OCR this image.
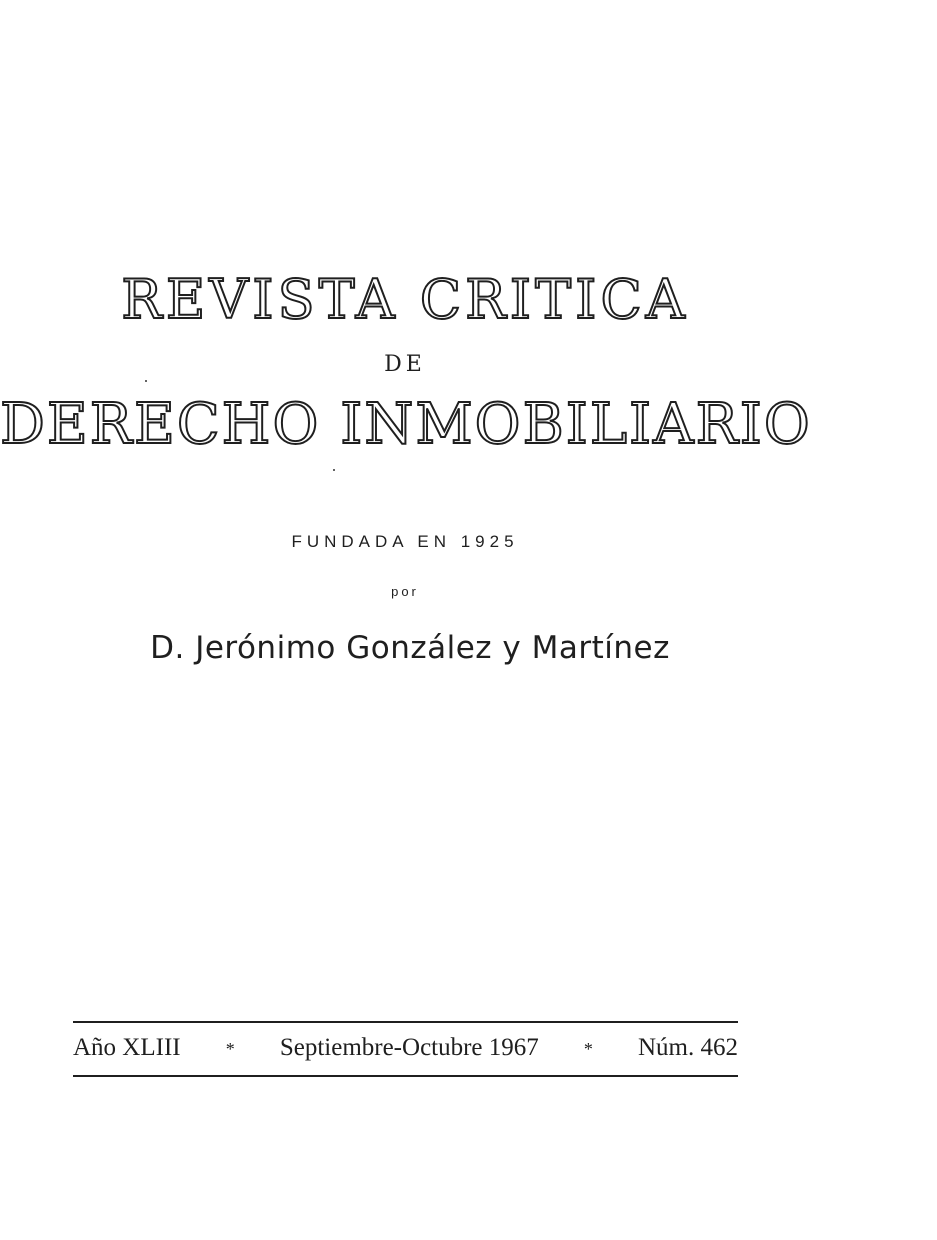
REVISTA CRITICA
DE
DERECHO INMOBILIARIO
FUNDADA EN 1925
por
D. Jerónimo González y Martínez
Año XLIII	* Septiembre-Octubre 1967	* Núm. 462
